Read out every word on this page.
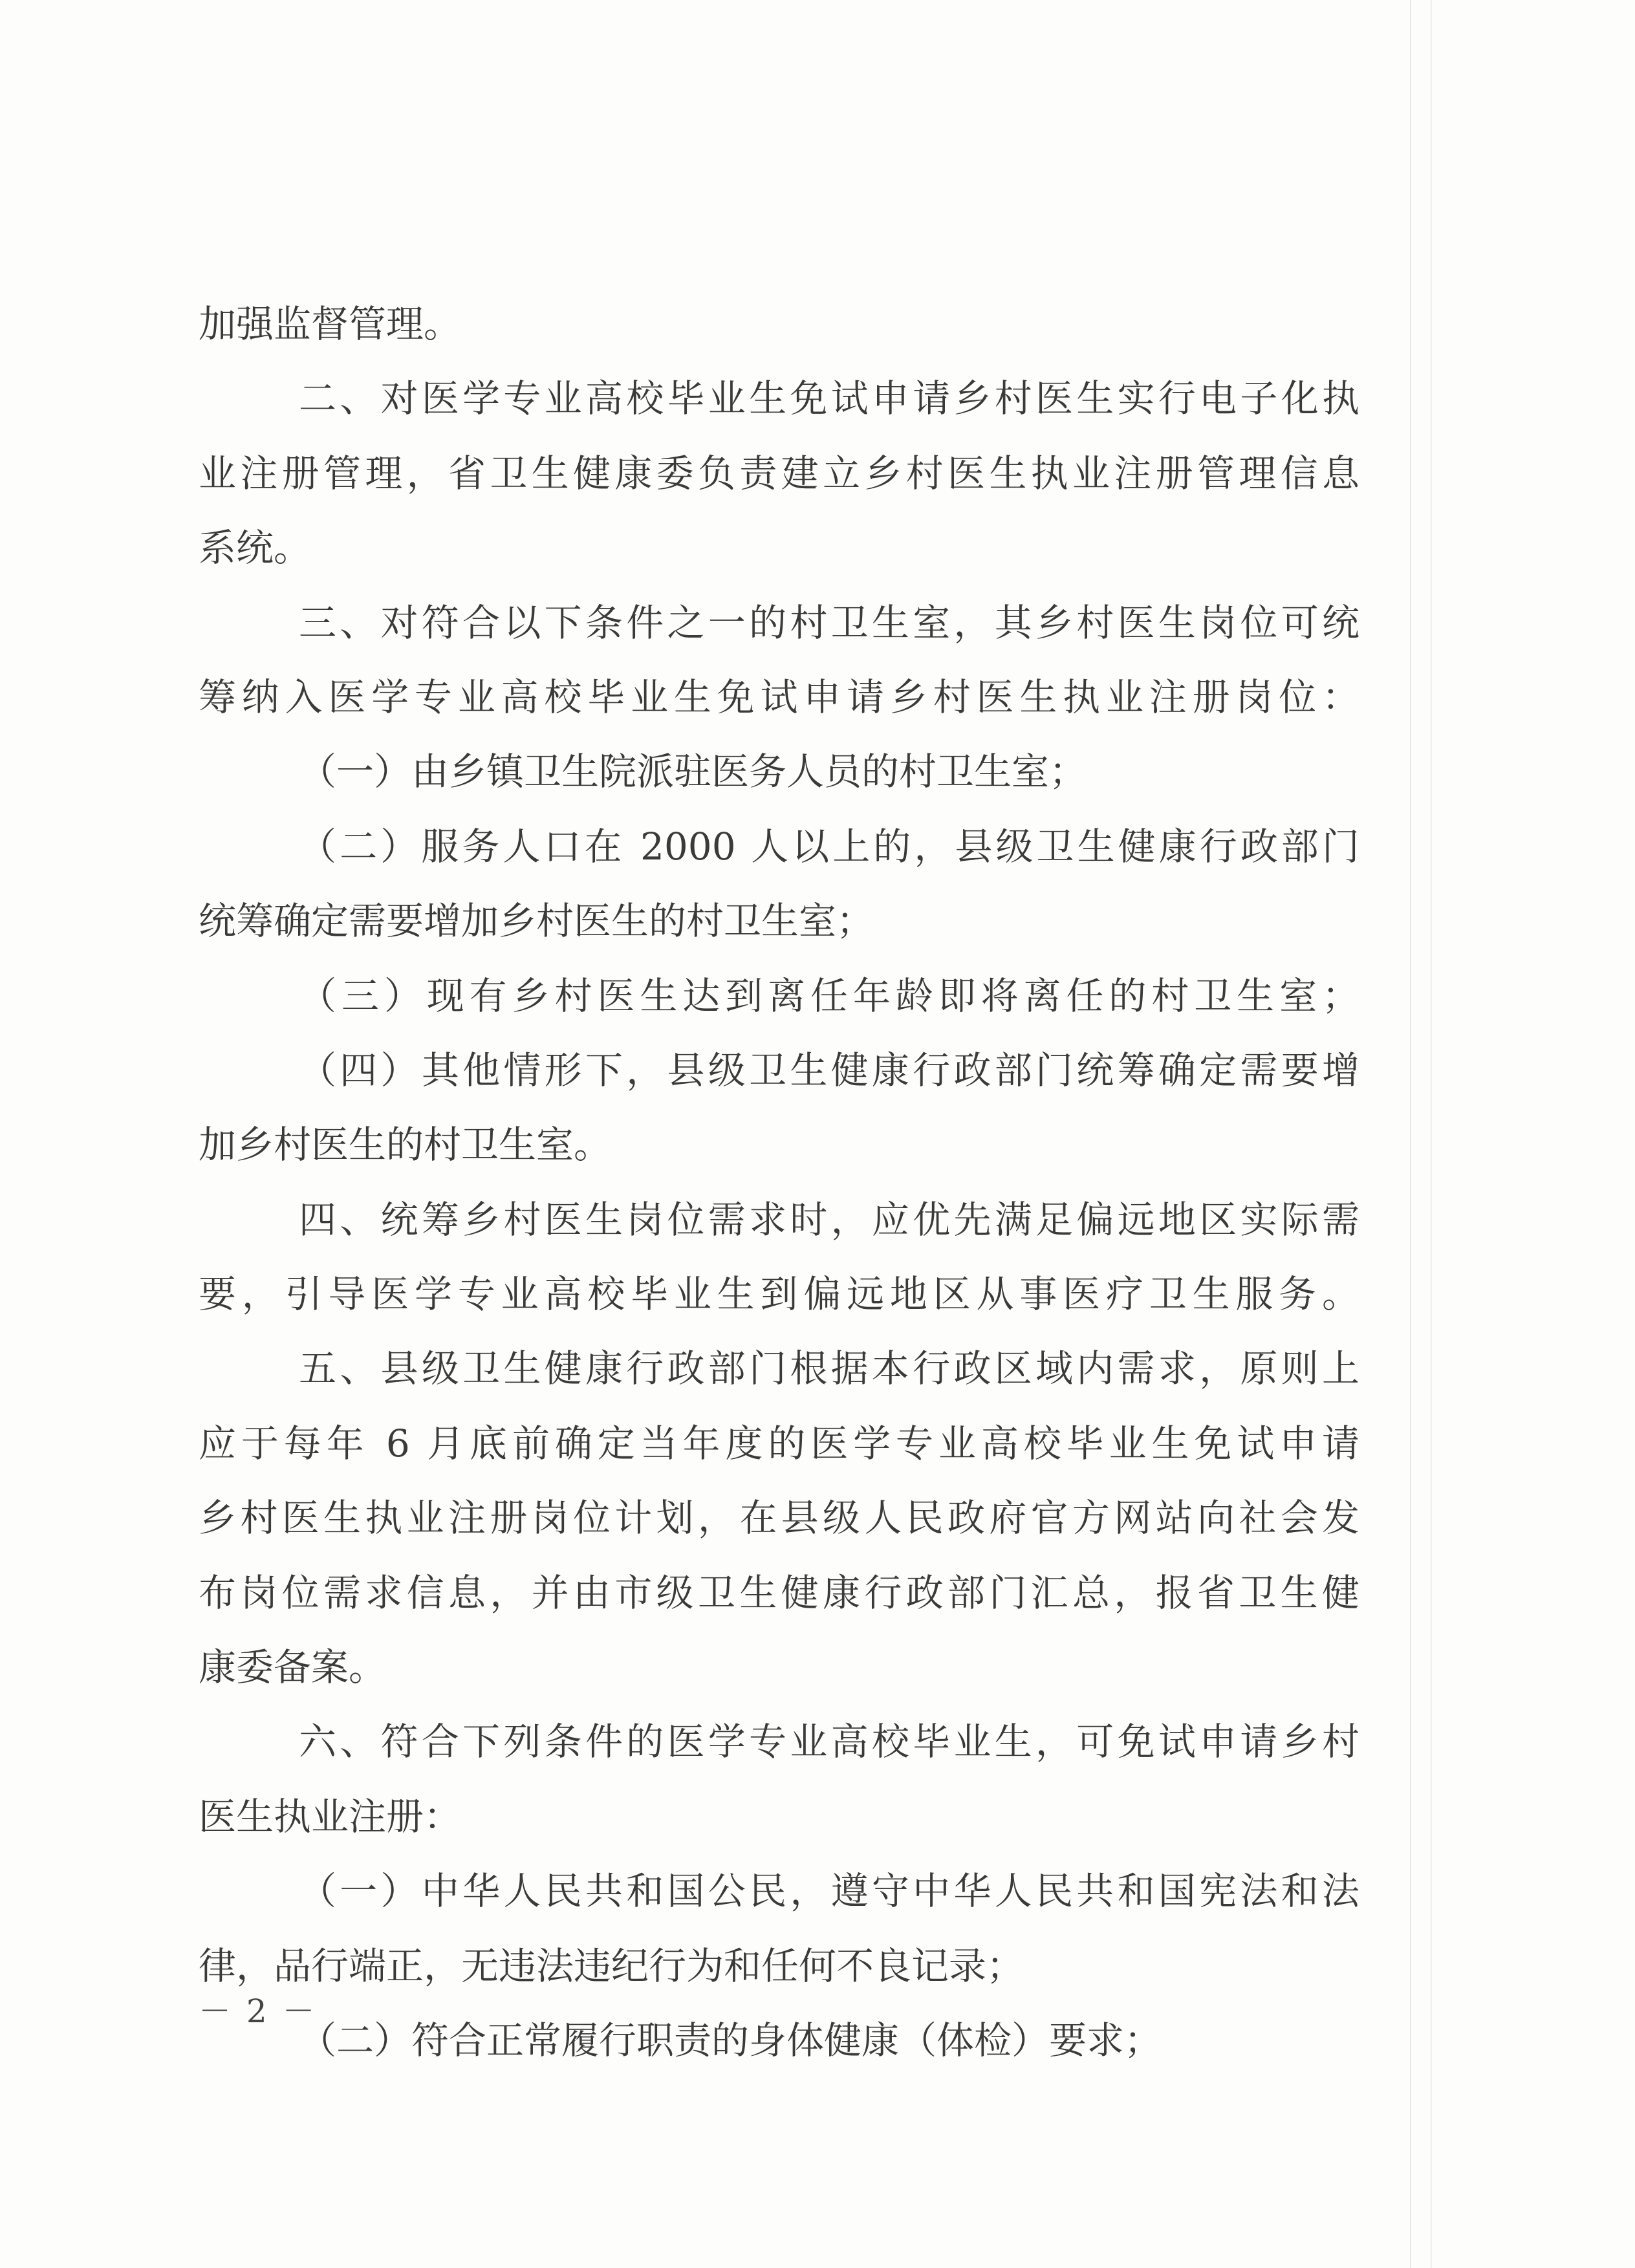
加强监督管理。
二、对医学专业高校毕业生免试申请乡村医生实行电子化执
业注册管理，省卫生健康委负责建立乡村医生执业注册管理信息
系统。
三、对符合以下条件之一的村卫生室，其乡村医生岗位可统
筹纳入医学专业高校毕业生免试申请乡村医生执业注册岗位：
（一）由乡镇卫生院派驻医务人员的村卫生室；
（二）服务人口在 2000 人以上的，县级卫生健康行政部门
统筹确定需要增加乡村医生的村卫生室；
（三）现有乡村医生达到离任年龄即将离任的村卫生室；
（四）其他情形下，县级卫生健康行政部门统筹确定需要增
加乡村医生的村卫生室。
四、统筹乡村医生岗位需求时，应优先满足偏远地区实际需
要，引导医学专业高校毕业生到偏远地区从事医疗卫生服务。
五、县级卫生健康行政部门根据本行政区域内需求，原则上
应于每年 6 月底前确定当年度的医学专业高校毕业生免试申请
乡村医生执业注册岗位计划，在县级人民政府官方网站向社会发
布岗位需求信息，并由市级卫生健康行政部门汇总，报省卫生健
康委备案。
六、符合下列条件的医学专业高校毕业生，可免试申请乡村
医生执业注册：
（一）中华人民共和国公民，遵守中华人民共和国宪法和法
律，品行端正，无违法违纪行为和任何不良记录；
（二）符合正常履行职责的身体健康（体检）要求；
－ 2 －
